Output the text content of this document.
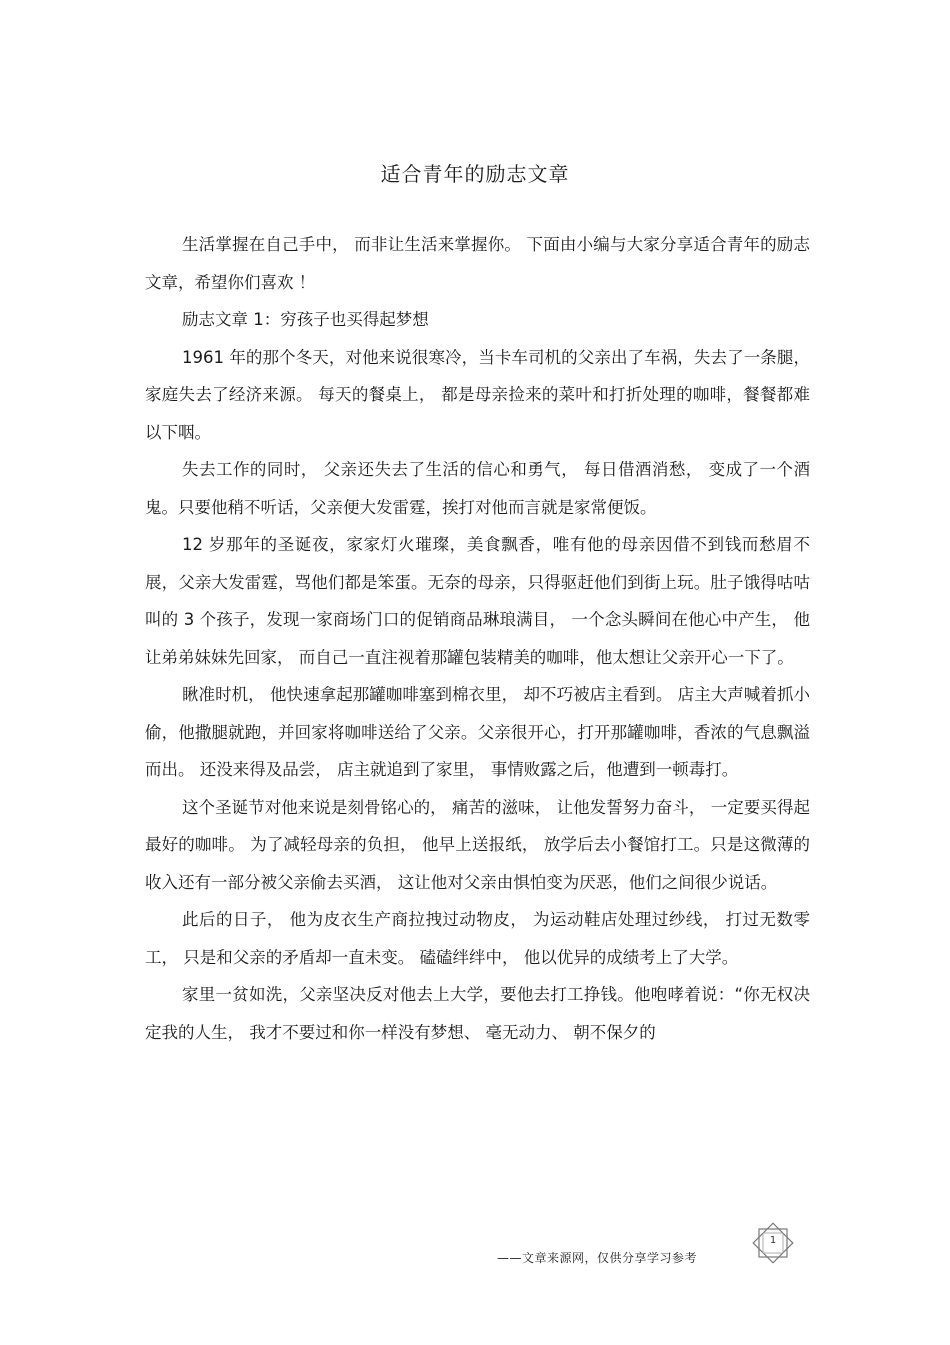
适合青年的励志文章

生活掌握在自己手中， 而非让生活来掌握你。 下面由小编与大家分享适合青年的励志文章，希望你们喜欢 ！

励志文章 1：穷孩子也买得起梦想

1961 年的那个冬天，对他来说很寒冷，当卡车司机的父亲出了车祸，失去了一条腿， 家庭失去了经济来源。 每天的餐桌上， 都是母亲捡来的菜叶和打折处理的咖啡，餐餐都难以下咽。

失去工作的同时， 父亲还失去了生活的信心和勇气， 每日借酒消愁， 变成了一个酒鬼。只要他稍不听话，父亲便大发雷霆，挨打对他而言就是家常便饭。

12 岁那年的圣诞夜，家家灯火璀璨，美食飘香，唯有他的母亲因借不到钱而愁眉不展，父亲大发雷霆，骂他们都是笨蛋。无奈的母亲，只得驱赶他们到街上玩。肚子饿得咕咕叫的 3 个孩子，发现一家商场门口的促销商品琳琅满目， 一个念头瞬间在他心中产生， 他让弟弟妹妹先回家， 而自己一直注视着那罐包装精美的咖啡，他太想让父亲开心一下了。

瞅准时机， 他快速拿起那罐咖啡塞到棉衣里， 却不巧被店主看到。 店主大声喊着抓小偷，他撒腿就跑，并回家将咖啡送给了父亲。父亲很开心，打开那罐咖啡，香浓的气息飘溢而出。 还没来得及品尝， 店主就追到了家里， 事情败露之后，他遭到一顿毒打。

这个圣诞节对他来说是刻骨铭心的， 痛苦的滋味， 让他发誓努力奋斗， 一定要买得起最好的咖啡。 为了减轻母亲的负担， 他早上送报纸， 放学后去小餐馆打工。只是这微薄的收入还有一部分被父亲偷去买酒， 这让他对父亲由惧怕变为厌恶，他们之间很少说话。

此后的日子， 他为皮衣生产商拉拽过动物皮， 为运动鞋店处理过纱线， 打过无数零工， 只是和父亲的矛盾却一直未变。 磕磕绊绊中， 他以优异的成绩考上了大学。

家里一贫如洗，父亲坚决反对他去上大学，要他去打工挣钱。他咆哮着说：“你无权决定我的人生， 我才不要过和你一样没有梦想、 毫无动力、 朝不保夕的

1
——文章来源网，仅供分享学习参考
